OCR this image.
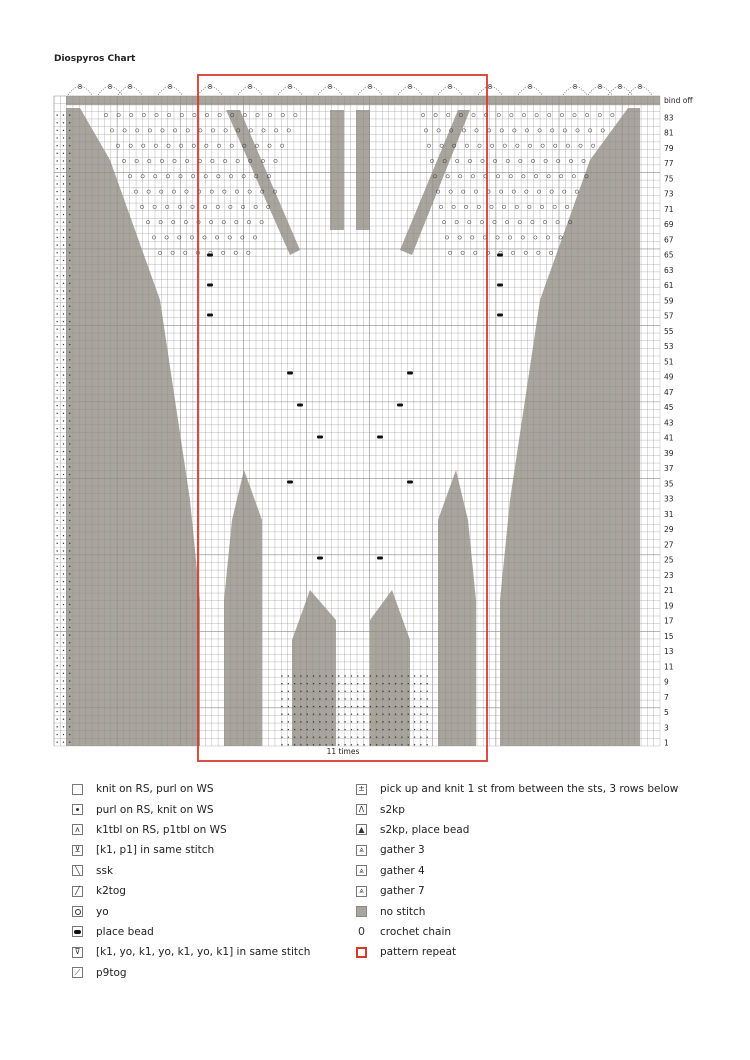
Diospyros Chart
8	8 8	8	8	8	8	8	8	8	8	8	8	8	8 8 8
11 times
bind off
83
81
79
77
75
73
71
69
67
65
63
61
59
57
55
53
51
49
47
45
43
41
39
37
35
33
31
29
27
25
23
21
19
17
15
13
11
9
7
5
3
1
knit on RS, purl on WS
purl on RS, knit on WS
ᴧ k1tbl on RS, p1tbl on WS
⊻ [k1, p1] in same stitch
╲ ssk
╱ k2tog
yo
place bead
⊽ [k1, yo, k1, yo, k1, yo, k1] in same stitch
⟋ p9tog
± pick up and knit 1 st from between the sts, 3 rows below
Λ s2kp
▲ s2kp, place bead
⩓	gather 3
⩓	gather 4
⩓	gather 7
no stitch
0 crochet chain
pattern repeat
